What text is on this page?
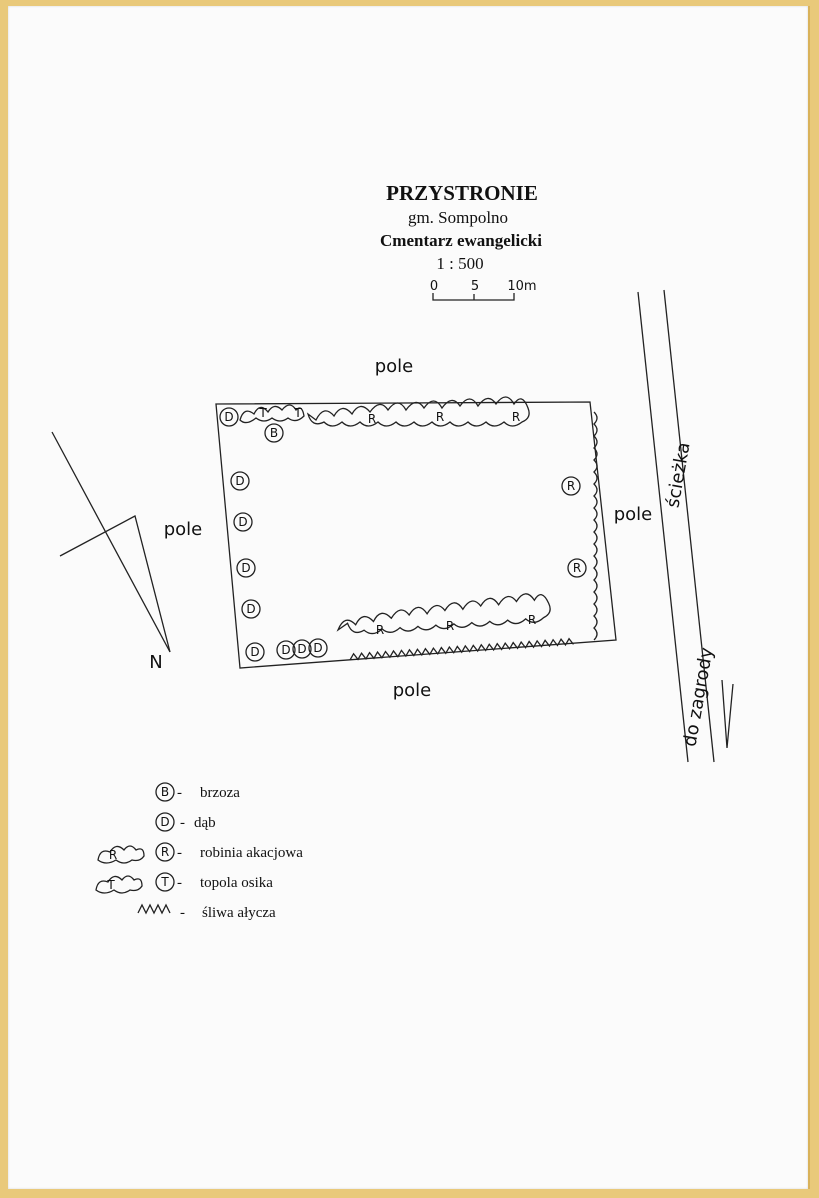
PRZYSTRONIE
gm. Sompolno
Cmentarz ewangelicki
1 : 500
0	5 10m
N
pole
pole
pole
pole
ścieżka
do zagrody
R	R	R
R	R	R
T T
D
D
D
D
D
D D D D
B
R
R
B - brzoza
D - dąb
R	R - robinia akacjowa
T	T - topola osika
- śliwa ałycza
